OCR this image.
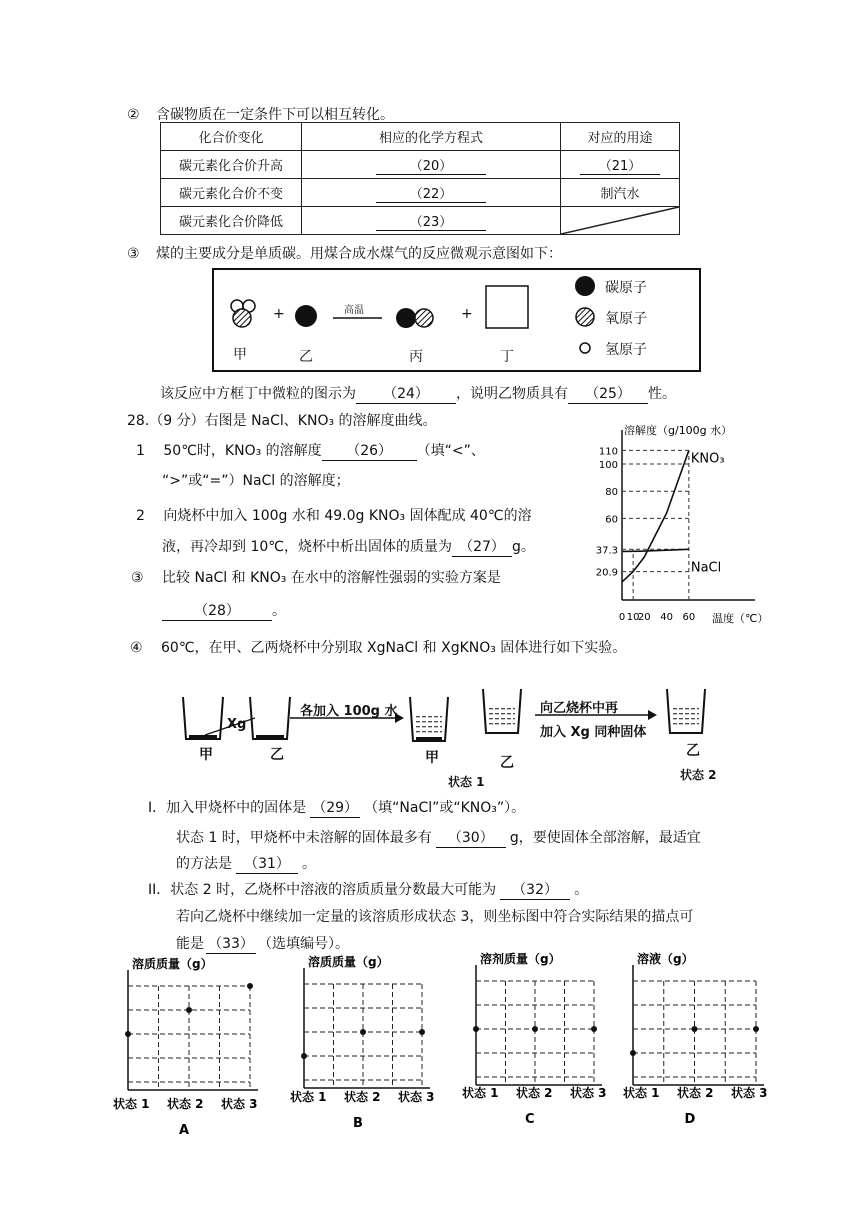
② 含碳物质在一定条件下可以相互转化。
化合价变化	相应的化学方程式	对应的用途
碳元素化合价升高	（20）	（21）
碳元素化合价不变	（22）	制汽水
碳元素化合价降低	（23）	
③ 煤的主要成分是单质碳。用煤合成水煤气的反应微观示意图如下：
+	+
高温
甲	乙	丙	丁
碳原子
氧原子
氢原子
该反应中方框丁中微粒的图示为 （24） ，说明乙物质具有 （25） 性。
28.（9 分）右图是 NaCl、KNO₃ 的溶解度曲线。
1 50℃时，KNO₃ 的溶解度 （26） （填“<”、
“>”或“=”）NaCl 的溶解度；
2 向烧杯中加入 100g 水和 49.0g KNO₃ 固体配成 40℃的溶
液，再冷却到 10℃，烧杯中析出固体的质量为 （27） g。
③ 比较 NaCl 和 KNO₃ 在水中的溶解性强弱的实验方案是
（28） 。
④ 60℃，在甲、乙两烧杯中分别取 XgNaCl 和 XgKNO₃ 固体进行如下实验。
溶解度（g/100g 水）
温度（℃）
20.9
37.3
60
80
100
110
0 10
20 40 60
KNO₃
NaCl
Xg
各加入 100g 水	向乙烧杯中再
加入 Xg 同种固体
甲	乙	甲	乙
乙
状态 1	状态 2
I．加入甲烧杯中的固体是 （29） （填“NaCl”或“KNO₃”）。
状态 1 时，甲烧杯中未溶解的固体最多有 （30） g，要使固体全部溶解，最适宜
的方法是 （31） 。
II．状态 2 时，乙烧杯中溶液的溶质质量分数最大可能为 （32） 。
若向乙烧杯中继续加一定量的该溶质形成状态 3，则坐标图中符合实际结果的描点可
能是 （33） （选填编号）。
溶质质量（g）
状态 1 状态 2 状态 3
A
溶质质量（g）
状态 1 状态 2 状态 3
B
溶剂质量（g）
状态 1 状态 2 状态 3
C
溶液（g）
状态 1 状态 2 状态 3
D
